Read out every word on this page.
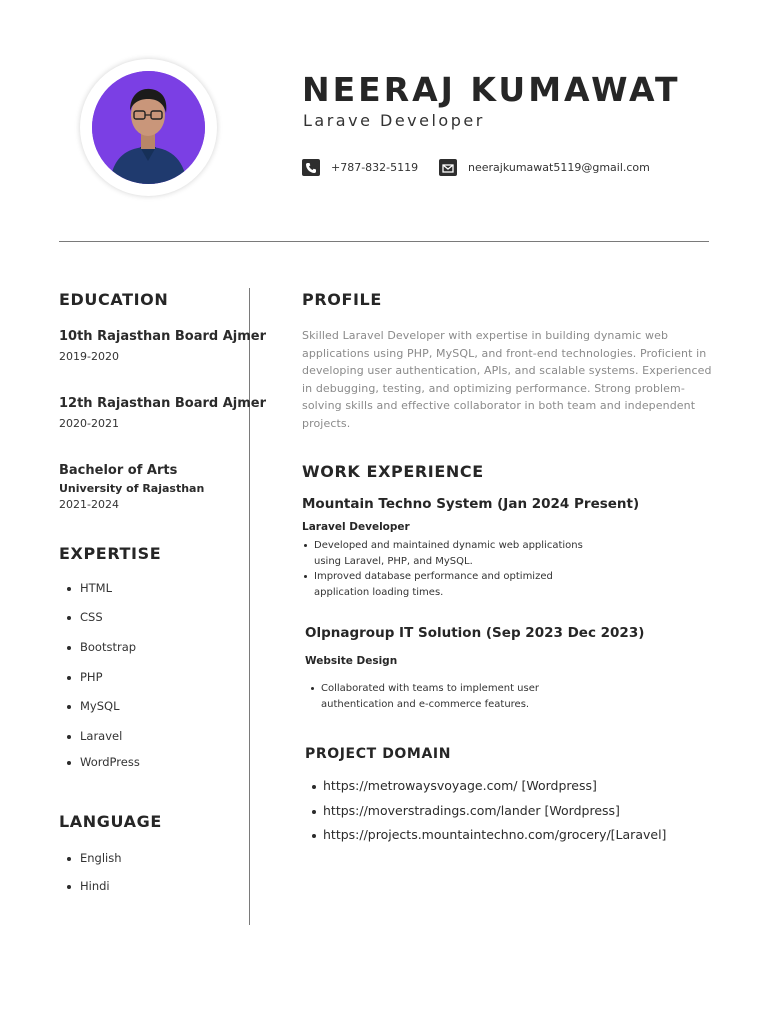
NEERAJ KUMAWAT
Larave Developer
+787-832-5119	neerajkumawat5119@gmail.com
EDUCATION
10th Rajasthan Board Ajmer
2019-2020
12th Rajasthan Board Ajmer
2020-2021
Bachelor of Arts
University of Rajasthan
2021-2024
EXPERTISE
HTML
CSS
Bootstrap
PHP
MySQL
Laravel
WordPress
LANGUAGE
English
Hindi
PROFILE
Skilled Laravel Developer with expertise in building dynamic web applications using PHP, MySQL, and front-end technologies. Proficient in developing user authentication, APIs, and scalable systems. Experienced in debugging, testing, and optimizing performance. Strong problem-solving skills and effective collaborator in both team and independent projects.
WORK EXPERIENCE
Mountain Techno System (Jan 2024 Present)
Laravel Developer
Developed and maintained dynamic web applications using Laravel, PHP, and MySQL.
Improved database performance and optimized application loading times.
Olpnagroup IT Solution (Sep 2023 Dec 2023)
Website Design
Collaborated with teams to implement user authentication and e-commerce features.
PROJECT DOMAIN
https://metrowaysvoyage.com/ [Wordpress]
https://moverstradings.com/lander [Wordpress]
https://projects.mountaintechno.com/grocery/[Laravel]
